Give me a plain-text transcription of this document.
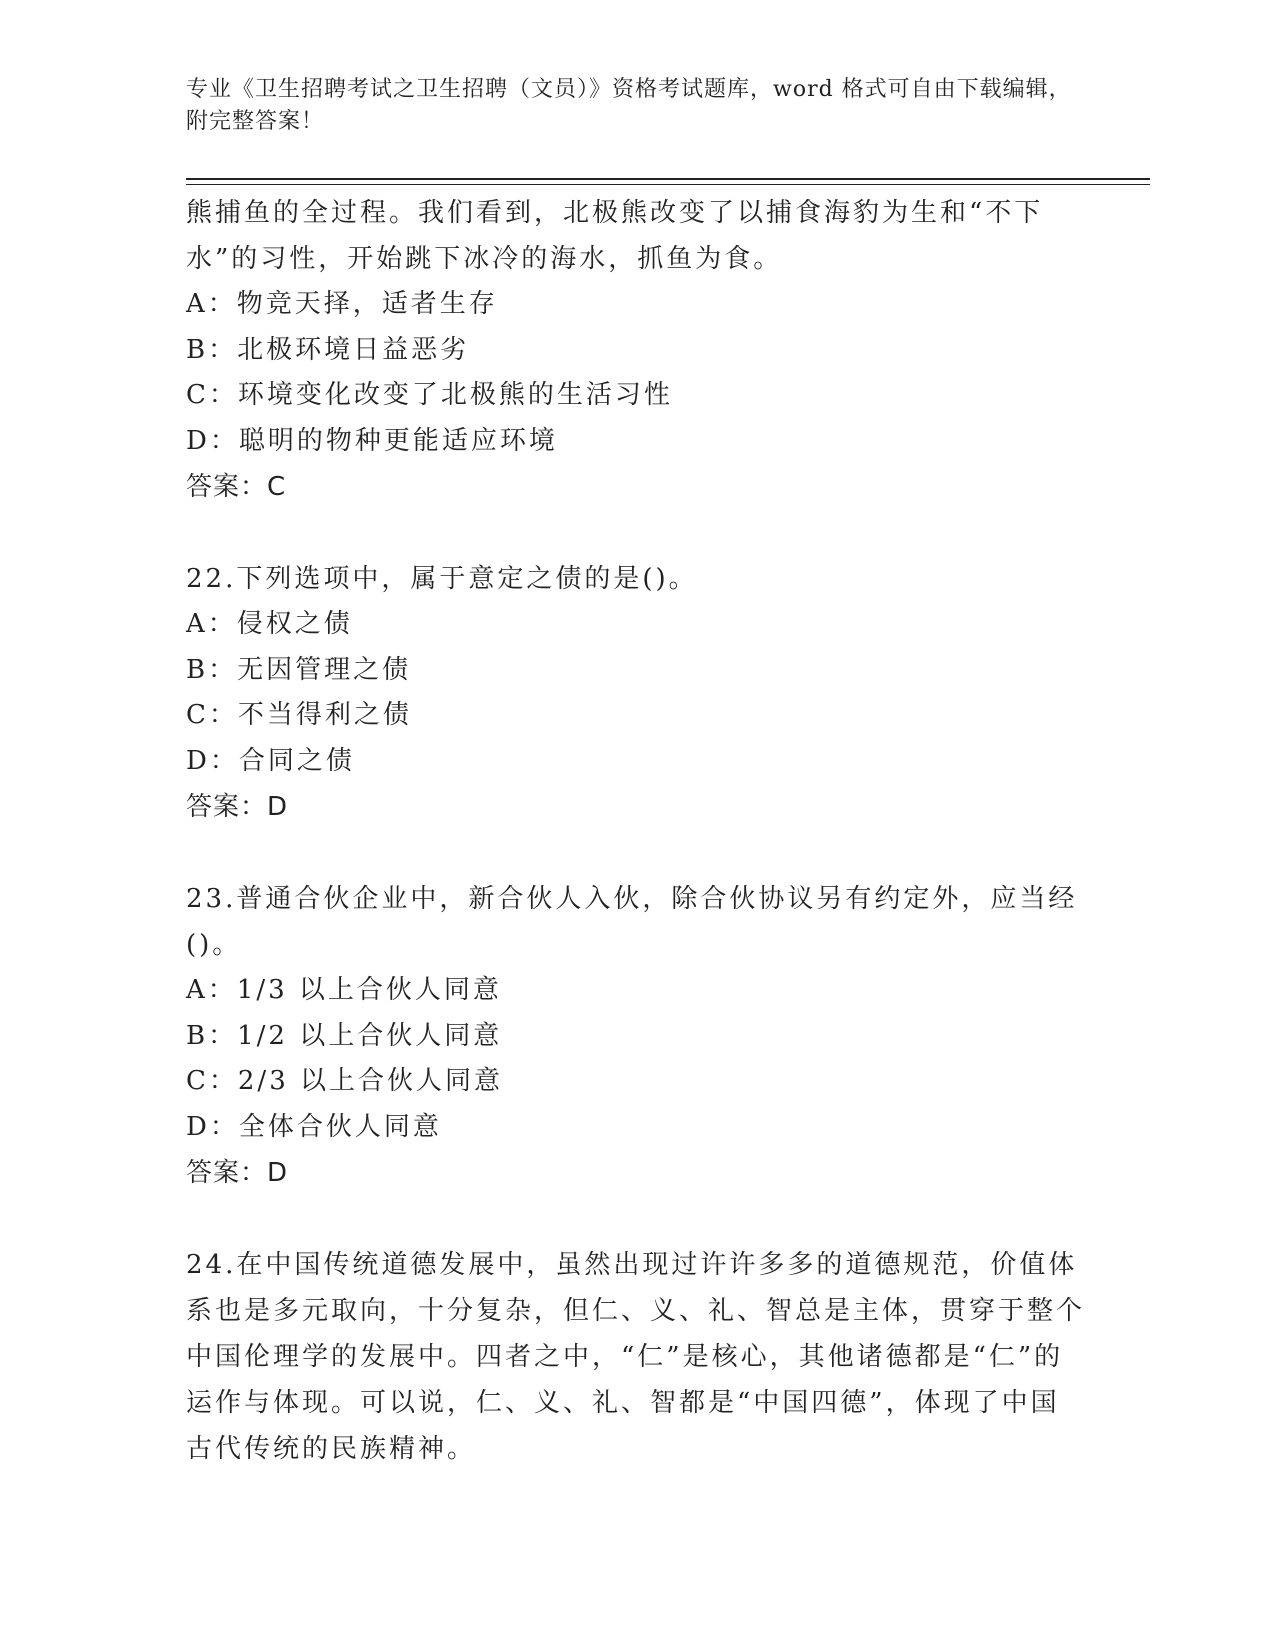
专业《卫生招聘考试之卫生招聘（文员）》资格考试题库，word 格式可自由下载编辑，附完整答案！

熊捕鱼的全过程。我们看到，北极熊改变了以捕食海豹为生和“不下水”的习性，开始跳下冰冷的海水，抓鱼为食。

A：物竞天择，适者生存

B：北极环境日益恶劣

C：环境变化改变了北极熊的生活习性

D：聪明的物种更能适应环境

答案：C

22.下列选项中，属于意定之债的是()。

A：侵权之债

B：无因管理之债

C：不当得利之债

D：合同之债

答案：D

23.普通合伙企业中，新合伙人入伙，除合伙协议另有约定外，应当经()。

A：1/3 以上合伙人同意

B：1/2 以上合伙人同意

C：2/3 以上合伙人同意

D：全体合伙人同意

答案：D

24.在中国传统道德发展中，虽然出现过许许多多的道德规范，价值体系也是多元取向，十分复杂，但仁、义、礼、智总是主体，贯穿于整个中国伦理学的发展中。四者之中，“仁”是核心，其他诸德都是“仁”的运作与体现。可以说，仁、义、礼、智都是“中国四德”，体现了中国古代传统的民族精神。
